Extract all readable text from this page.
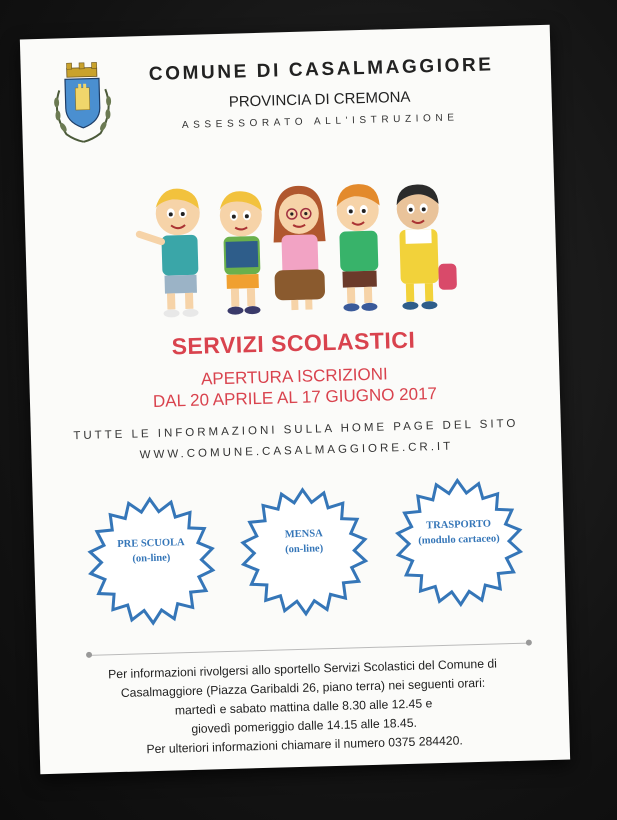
COMUNE DI CASALMAGGIORE
PROVINCIA DI CREMONA
ASSESSORATO ALL'ISTRUZIONE
SERVIZI SCOLASTICI
APERTURA ISCRIZIONI
DAL 20 APRILE AL 17 GIUGNO 2017
TUTTE LE INFORMAZIONI SULLA HOME PAGE DEL SITO
WWW.COMUNE.CASALMAGGIORE.CR.IT
PRE SCUOLA
(on-line)
MENSA
(on-line)
TRASPORTO
(modulo cartaceo)
Per informazioni rivolgersi allo sportello Servizi Scolastici del Comune di
Casalmaggiore (Piazza Garibaldi 26, piano terra) nei seguenti orari:
martedì e sabato mattina dalle 8.30 alle 12.45 e
giovedì pomeriggio dalle 14.15 alle 18.45.
Per ulteriori informazioni chiamare il numero 0375 284420.
